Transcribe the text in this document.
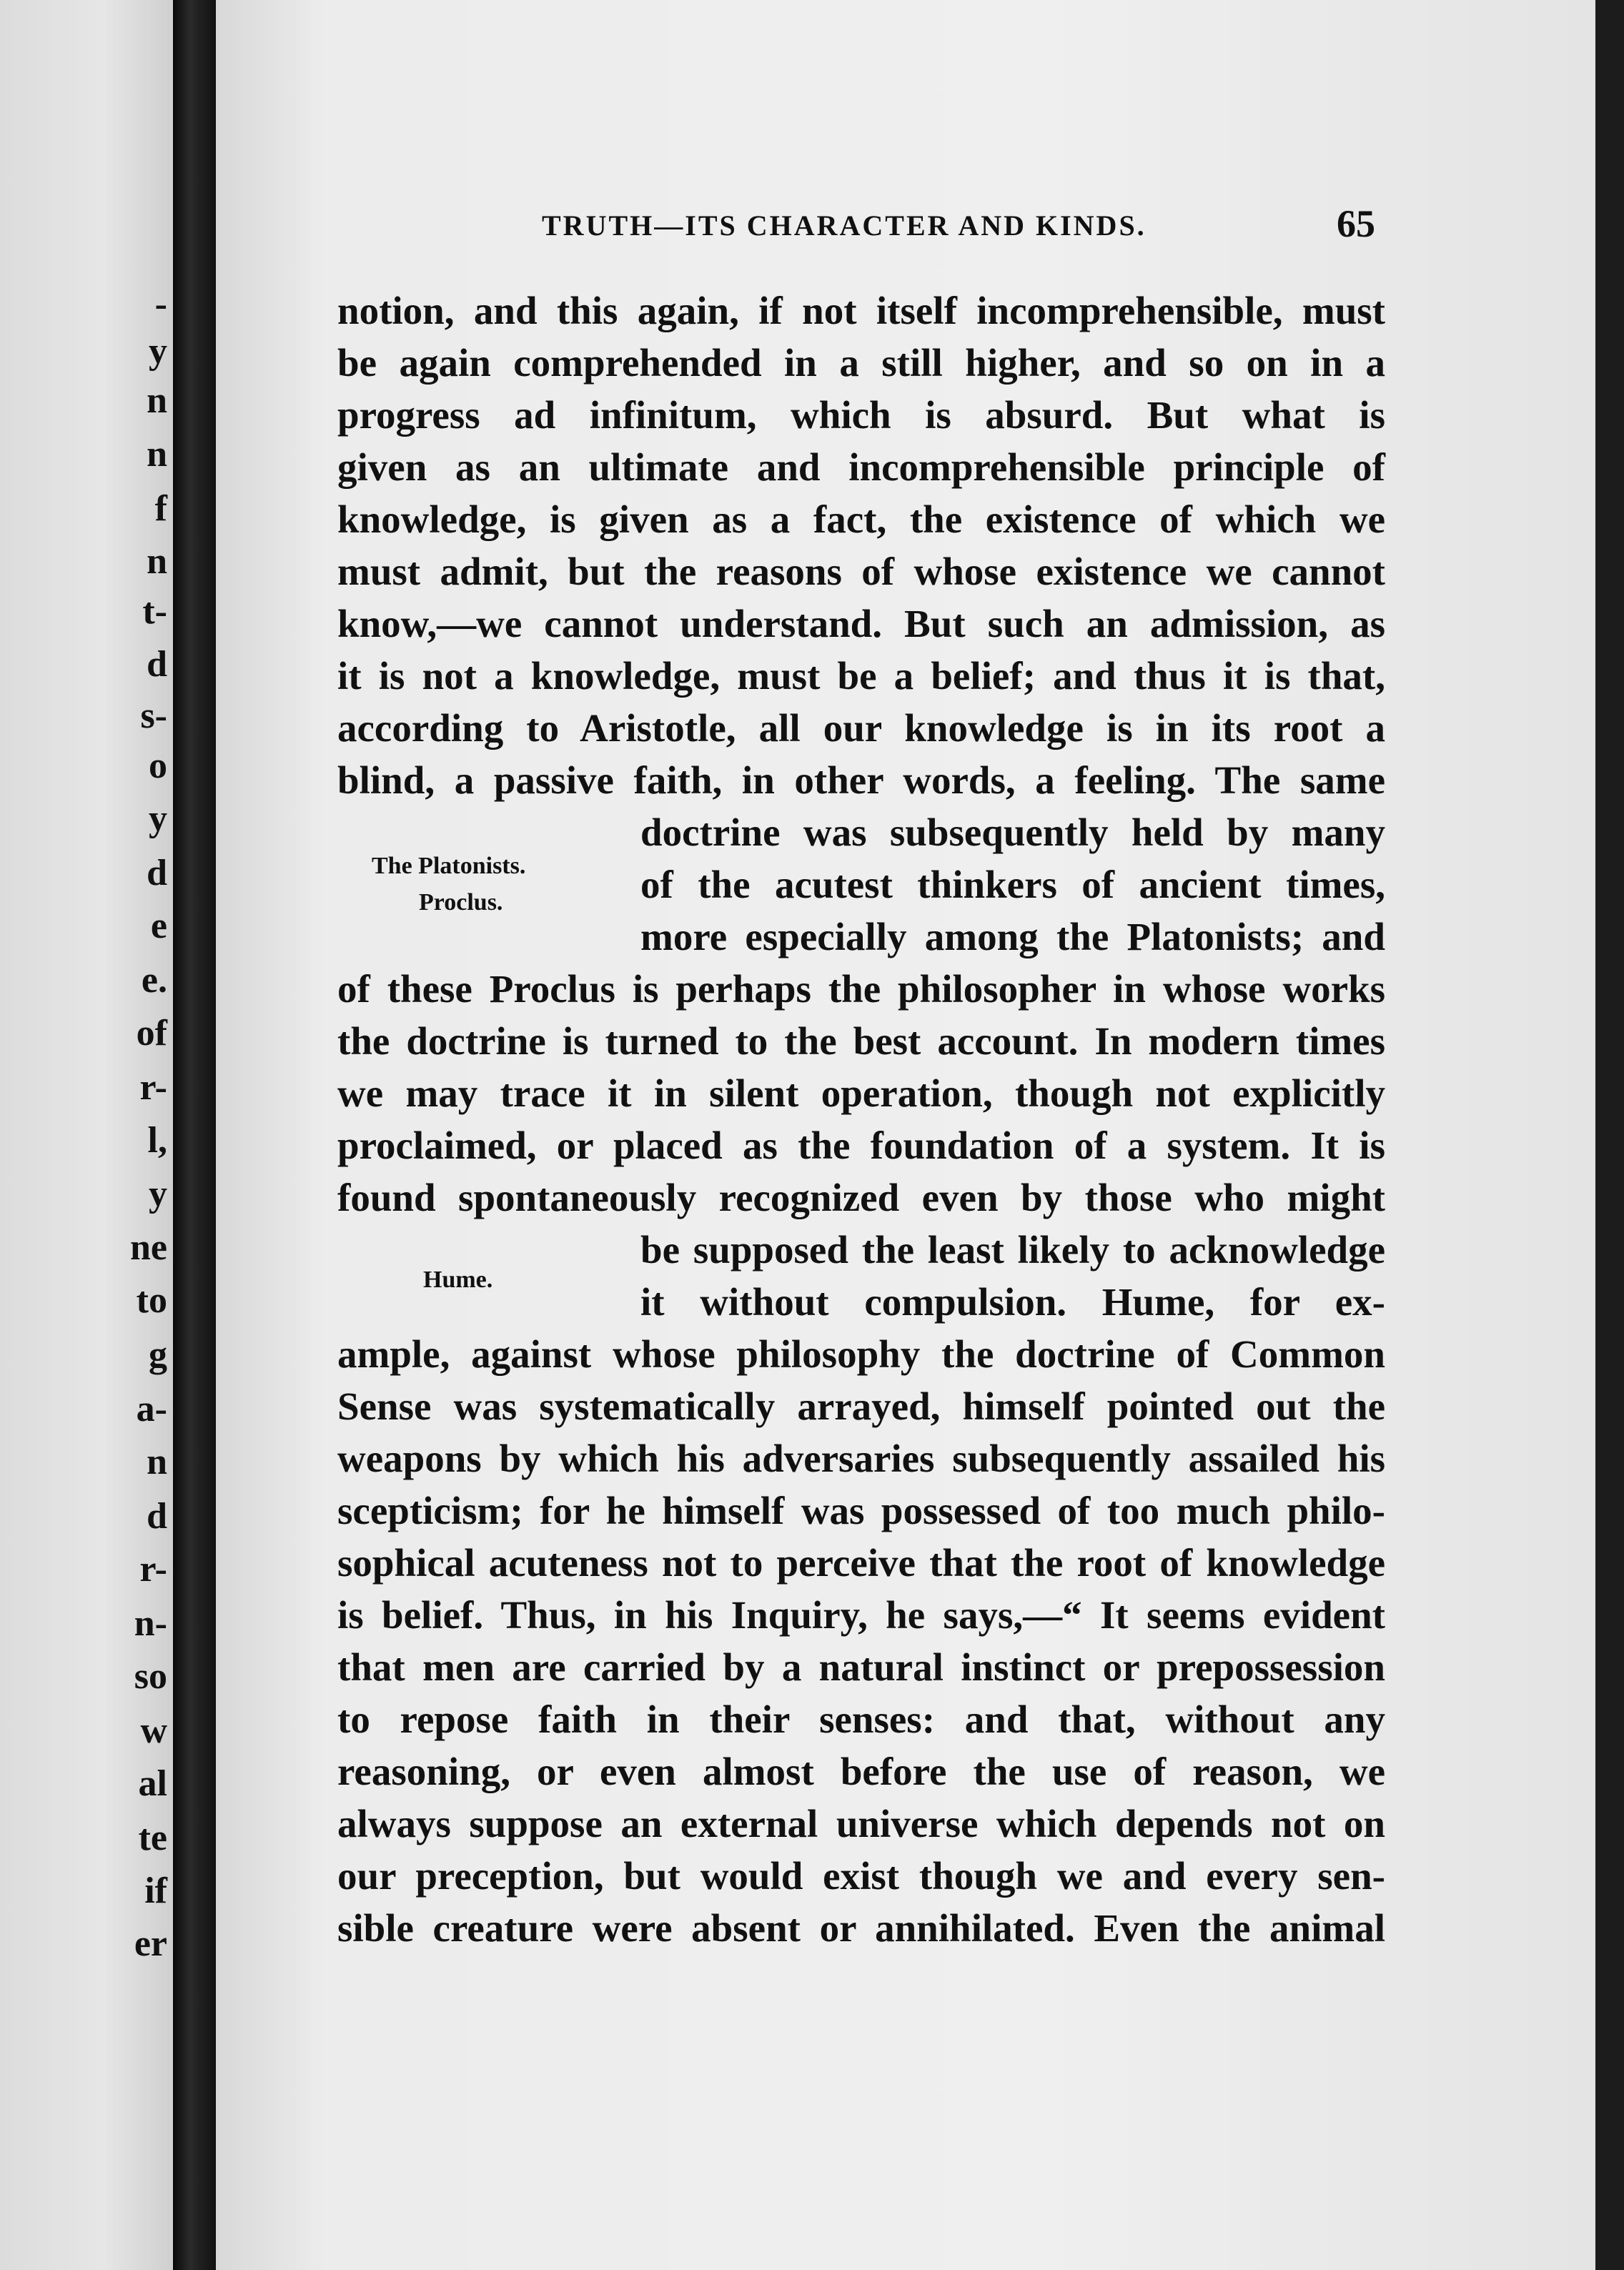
-
y
n
n
f
n
t-
d
s-
o
y
d
e
e.
of
r-
l,
y
ne
to
g
a-
n
d
r-
n-
so
w
al
te
if
er
TRUTH—ITS CHARACTER AND KINDS.	65
The Platonists.
Proclus.
Hume.
notion, and this again, if not itself incomprehensible, must
be again comprehended in a still higher, and so on in a
progress ad infinitum, which is absurd. But what is
given as an ultimate and incomprehensible principle of
knowledge, is given as a fact, the existence of which we
must admit, but the reasons of whose existence we cannot
know,—we cannot understand. But such an admission, as
it is not a knowledge, must be a belief; and thus it is that,
according to Aristotle, all our knowledge is in its root a
blind, a passive faith, in other words, a feeling. The same
doctrine was subsequently held by many
of the acutest thinkers of ancient times,
more especially among the Platonists; and
of these Proclus is perhaps the philosopher in whose works
the doctrine is turned to the best account. In modern times
we may trace it in silent operation, though not explicitly
proclaimed, or placed as the foundation of a system. It is
found spontaneously recognized even by those who might
be supposed the least likely to acknowledge
it without compulsion. Hume, for ex-
ample, against whose philosophy the doctrine of Common
Sense was systematically arrayed, himself pointed out the
weapons by which his adversaries subsequently assailed his
scepticism; for he himself was possessed of too much philo-
sophical acuteness not to perceive that the root of knowledge
is belief. Thus, in his Inquiry, he says,—“ It seems evident
that men are carried by a natural instinct or prepossession
to repose faith in their senses: and that, without any
reasoning, or even almost before the use of reason, we
always suppose an external universe which depends not on
our preception, but would exist though we and every sen-
sible creature were absent or annihilated. Even the animal
